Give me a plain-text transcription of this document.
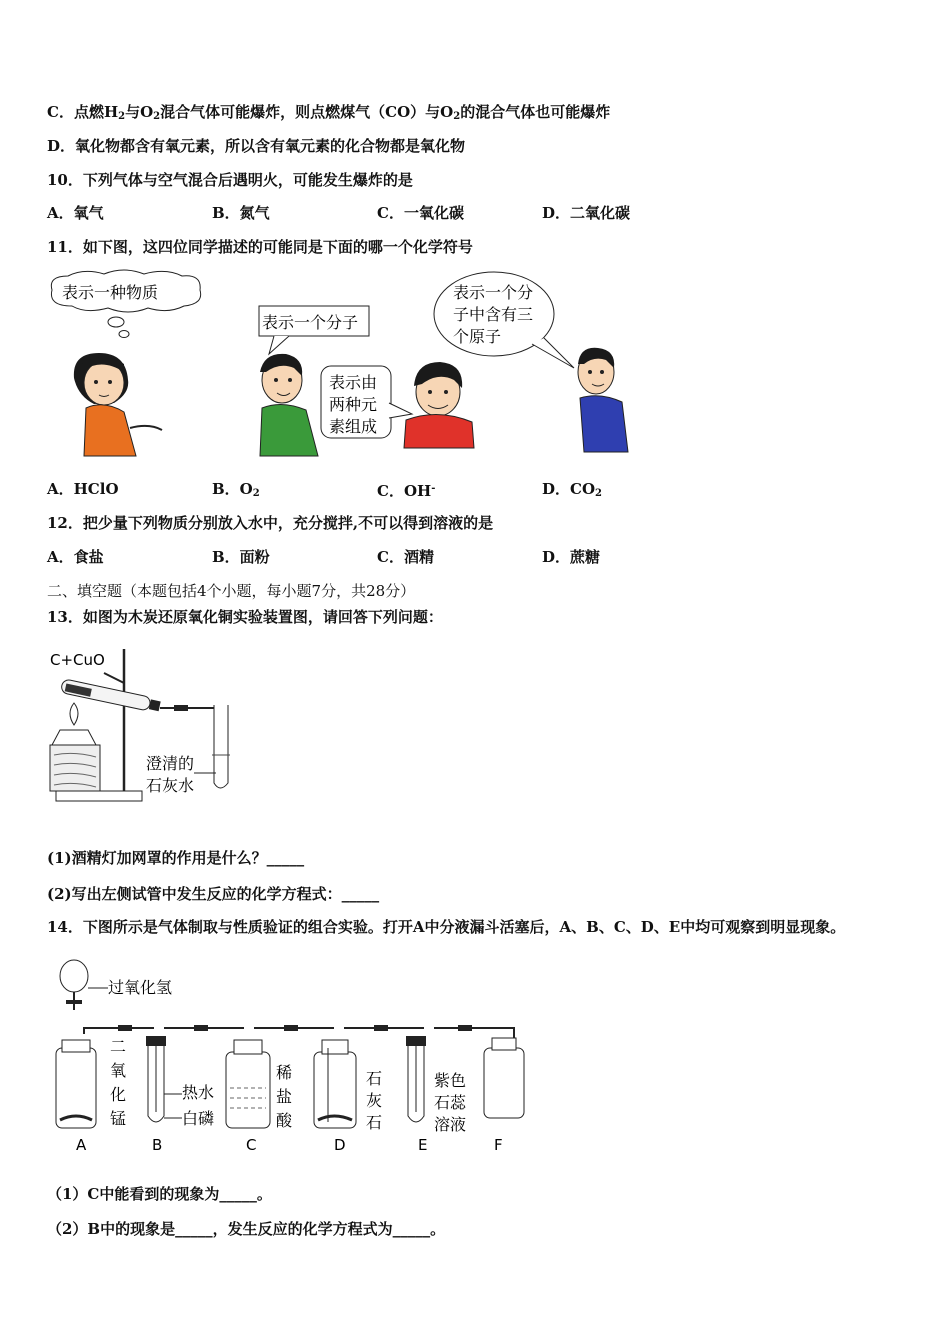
C．点燃$H_2$与$O_2$混合气体可能爆炸，则点燃煤气（CO）与$O_2$的混合气体也可能爆炸
D．氧化物都含有氧元素，所以含有氧元素的化合物都是氧化物
10．下列气体与空气混合后遇明火，可能发生爆炸的是
A．氧气	B．氮气	C．一氧化碳	D．二氧化碳
11．如下图，这四位同学描述的可能同是下面的哪一个化学符号
表示一种物质
表示一个分子
表示由
两种元
素组成
表示一个分
子中含有三
个原子
A．HClO	B．$O_2$	C．OH-	D．$CO_2$
12．把少量下列物质分别放入水中，充分搅拌,不可以得到溶液的是
A．食盐	B．面粉	C．酒精	D．蔗糖
二、填空题（本题包括4个小题，每小题7分，共28分）
13．如图为木炭还原氧化铜实验装置图，请回答下列问题：
C+CuO
澄清的
石灰水
(1)酒精灯加网罩的作用是什么？_____
(2)写出左侧试管中发生反应的化学方程式：_____
14．下图所示是气体制取与性质验证的组合实验。打开A中分液漏斗活塞后，A、B、C、D、E中均可观察到明显现象。
过氧化氢
二
氧
化
锰
热水
白磷
稀
盐
酸
石
灰
石
紫色
石蕊
溶液
A	B	C	D	E	F
（1）C中能看到的现象为_____。
（2）B中的现象是_____，发生反应的化学方程式为_____。
